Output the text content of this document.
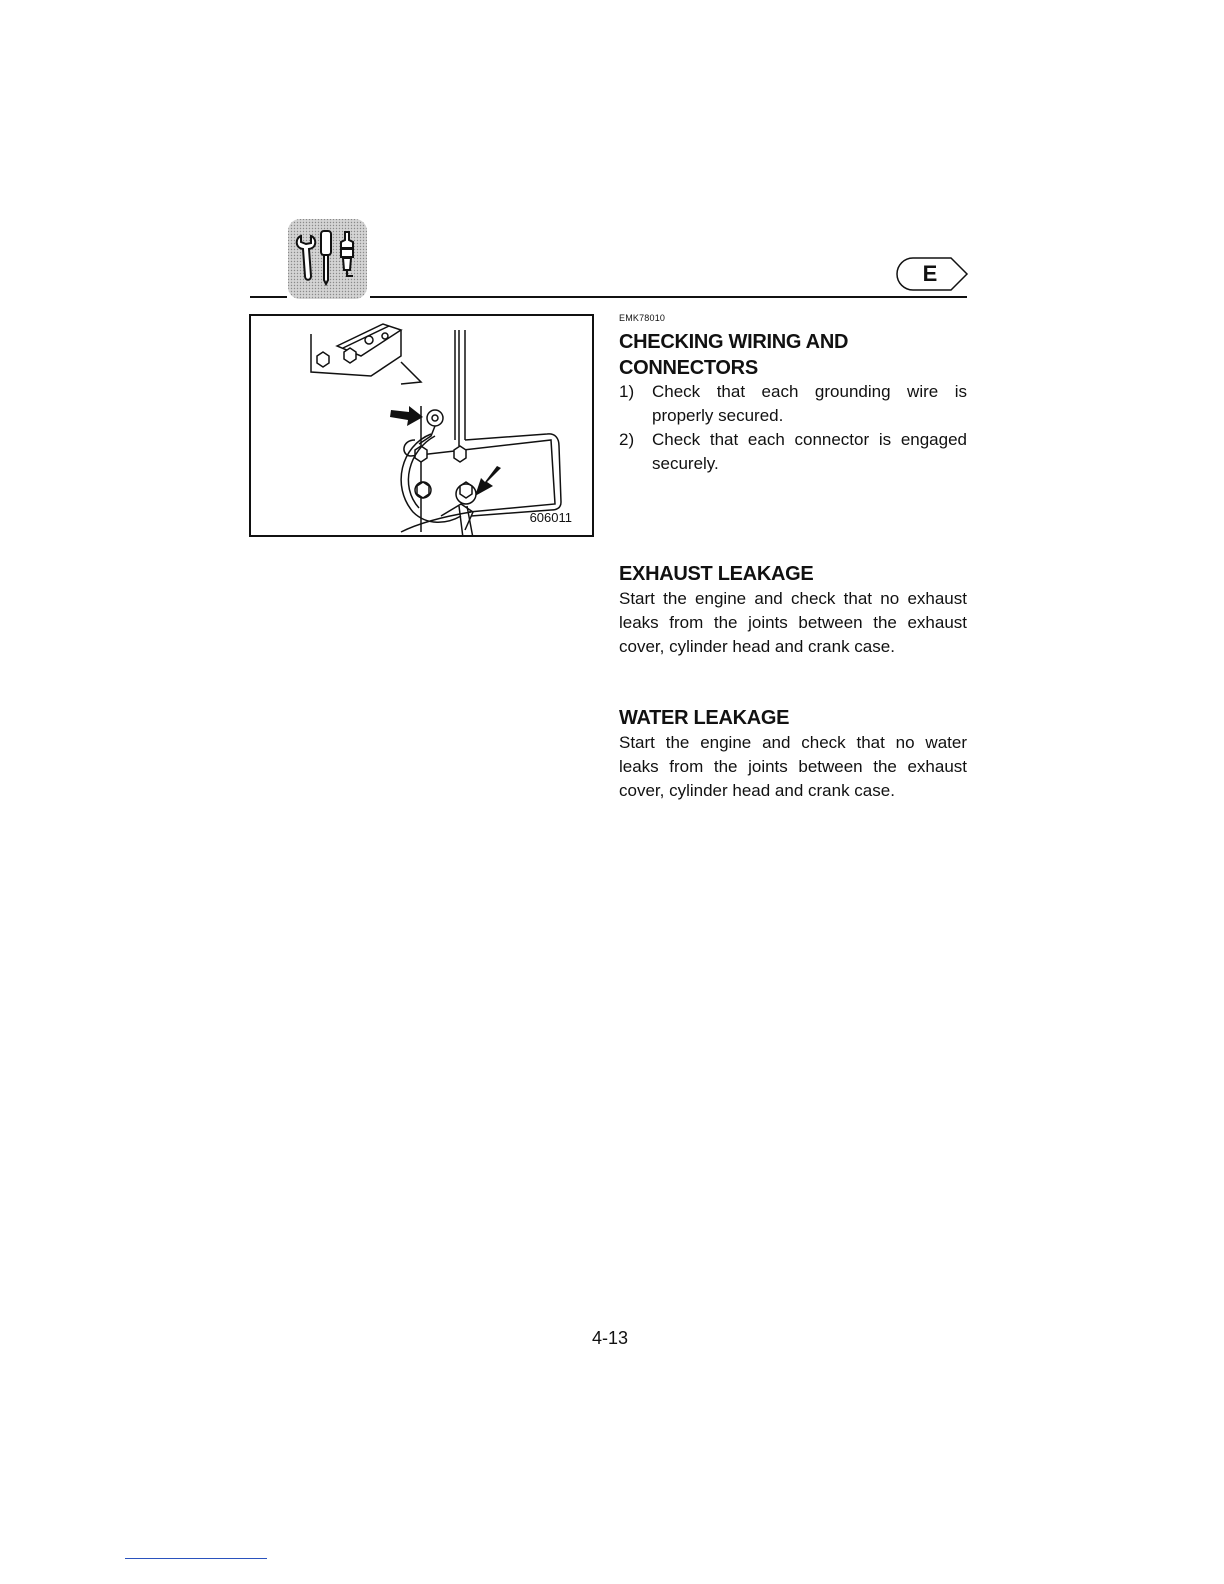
E
606011
EMK78010

CHECKING WIRING AND

CONNECTORS

1) Check that each grounding wire is properly secured.
2) Check that each connector is engaged securely.

EXHAUST LEAKAGE

Start the engine and check that no exhaust leaks from the joints between the exhaust cover, cylinder head and crank case.

WATER LEAKAGE

Start the engine and check that no water leaks from the joints between the exhaust cover, cylinder head and crank case.

4-13
